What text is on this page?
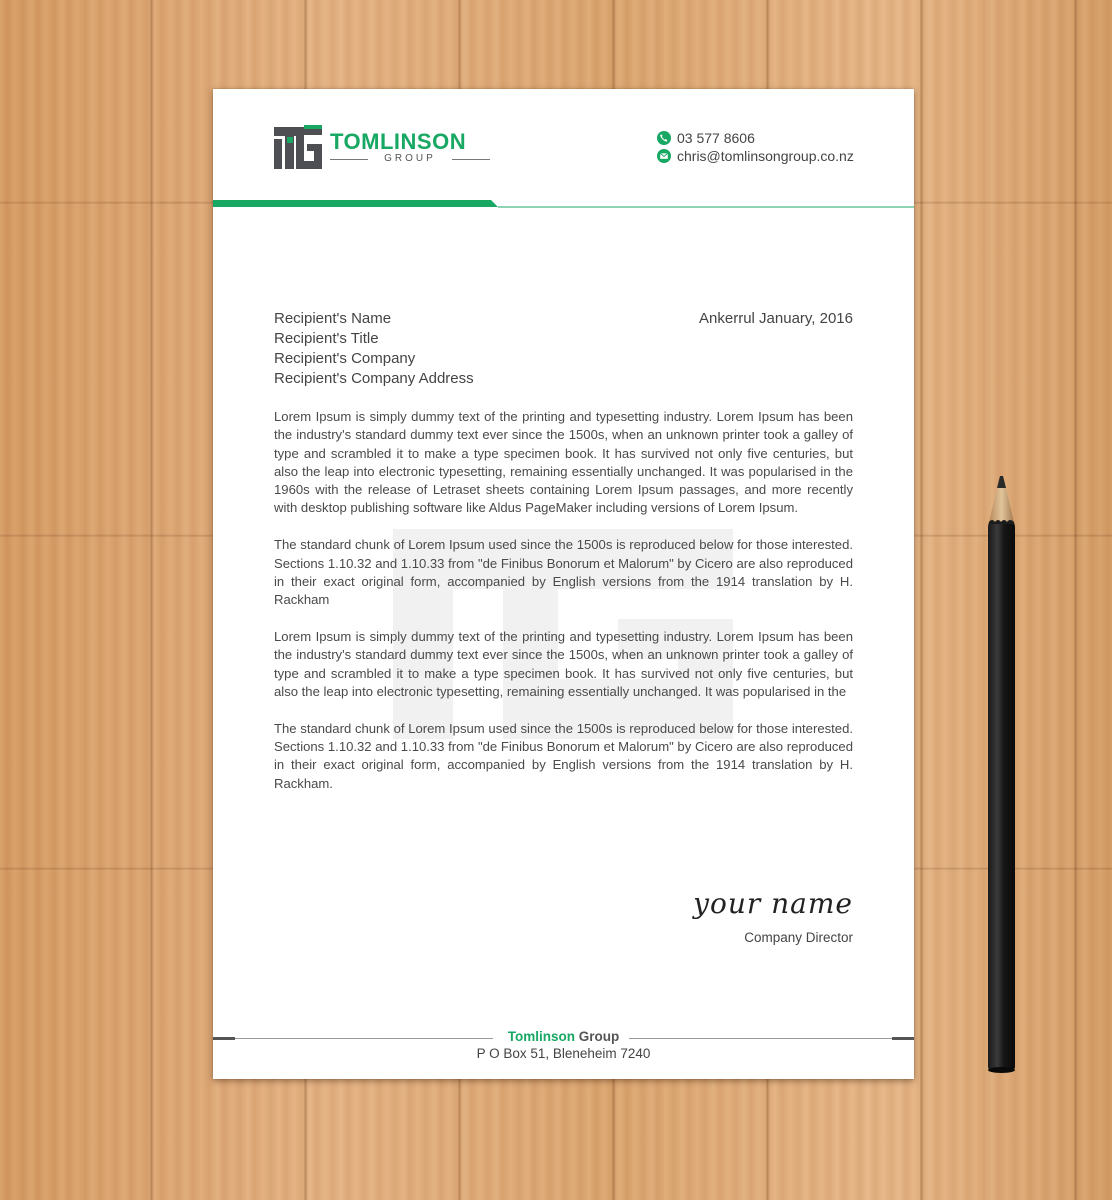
TOMLINSON
GROUP
03 577 8606
chris@tomlinsongroup.co.nz
Recipient's Name
Recipient's Title
Recipient's Company
Recipient's Company Address
Ankerrul January, 2016

Lorem Ipsum is simply dummy text of the printing and typesetting industry. Lorem Ipsum has been the industry's standard dummy text ever since the 1500s, when an unknown printer took a galley of type and scrambled it to make a type specimen book. It has survived not only five centuries, but also the leap into electronic typesetting, remaining essentially unchanged. It was popularised in the 1960s with the release of Letraset sheets containing Lorem Ipsum passages, and more recently with desktop publishing software like Aldus PageMaker including versions of Lorem Ipsum.

The standard chunk of Lorem Ipsum used since the 1500s is reproduced below for those interested. Sections 1.10.32 and 1.10.33 from "de Finibus Bonorum et Malorum" by Cicero are also reproduced in their exact original form, accompanied by English versions from the 1914 translation by H. Rackham

Lorem Ipsum is simply dummy text of the printing and typesetting industry. Lorem Ipsum has been the industry's standard dummy text ever since the 1500s, when an unknown printer took a galley of type and scrambled it to make a type specimen book. It has survived not only five centuries, but also the leap into electronic typesetting, remaining essentially unchanged. It was popularised in the

The standard chunk of Lorem Ipsum used since the 1500s is reproduced below for those interested. Sections 1.10.32 and 1.10.33 from "de Finibus Bonorum et Malorum" by Cicero are also reproduced in their exact original form, accompanied by English versions from the 1914 translation by H. Rackham.

your name
Company Director
Tomlinson Group
P O Box 51, Bleneheim 7240
